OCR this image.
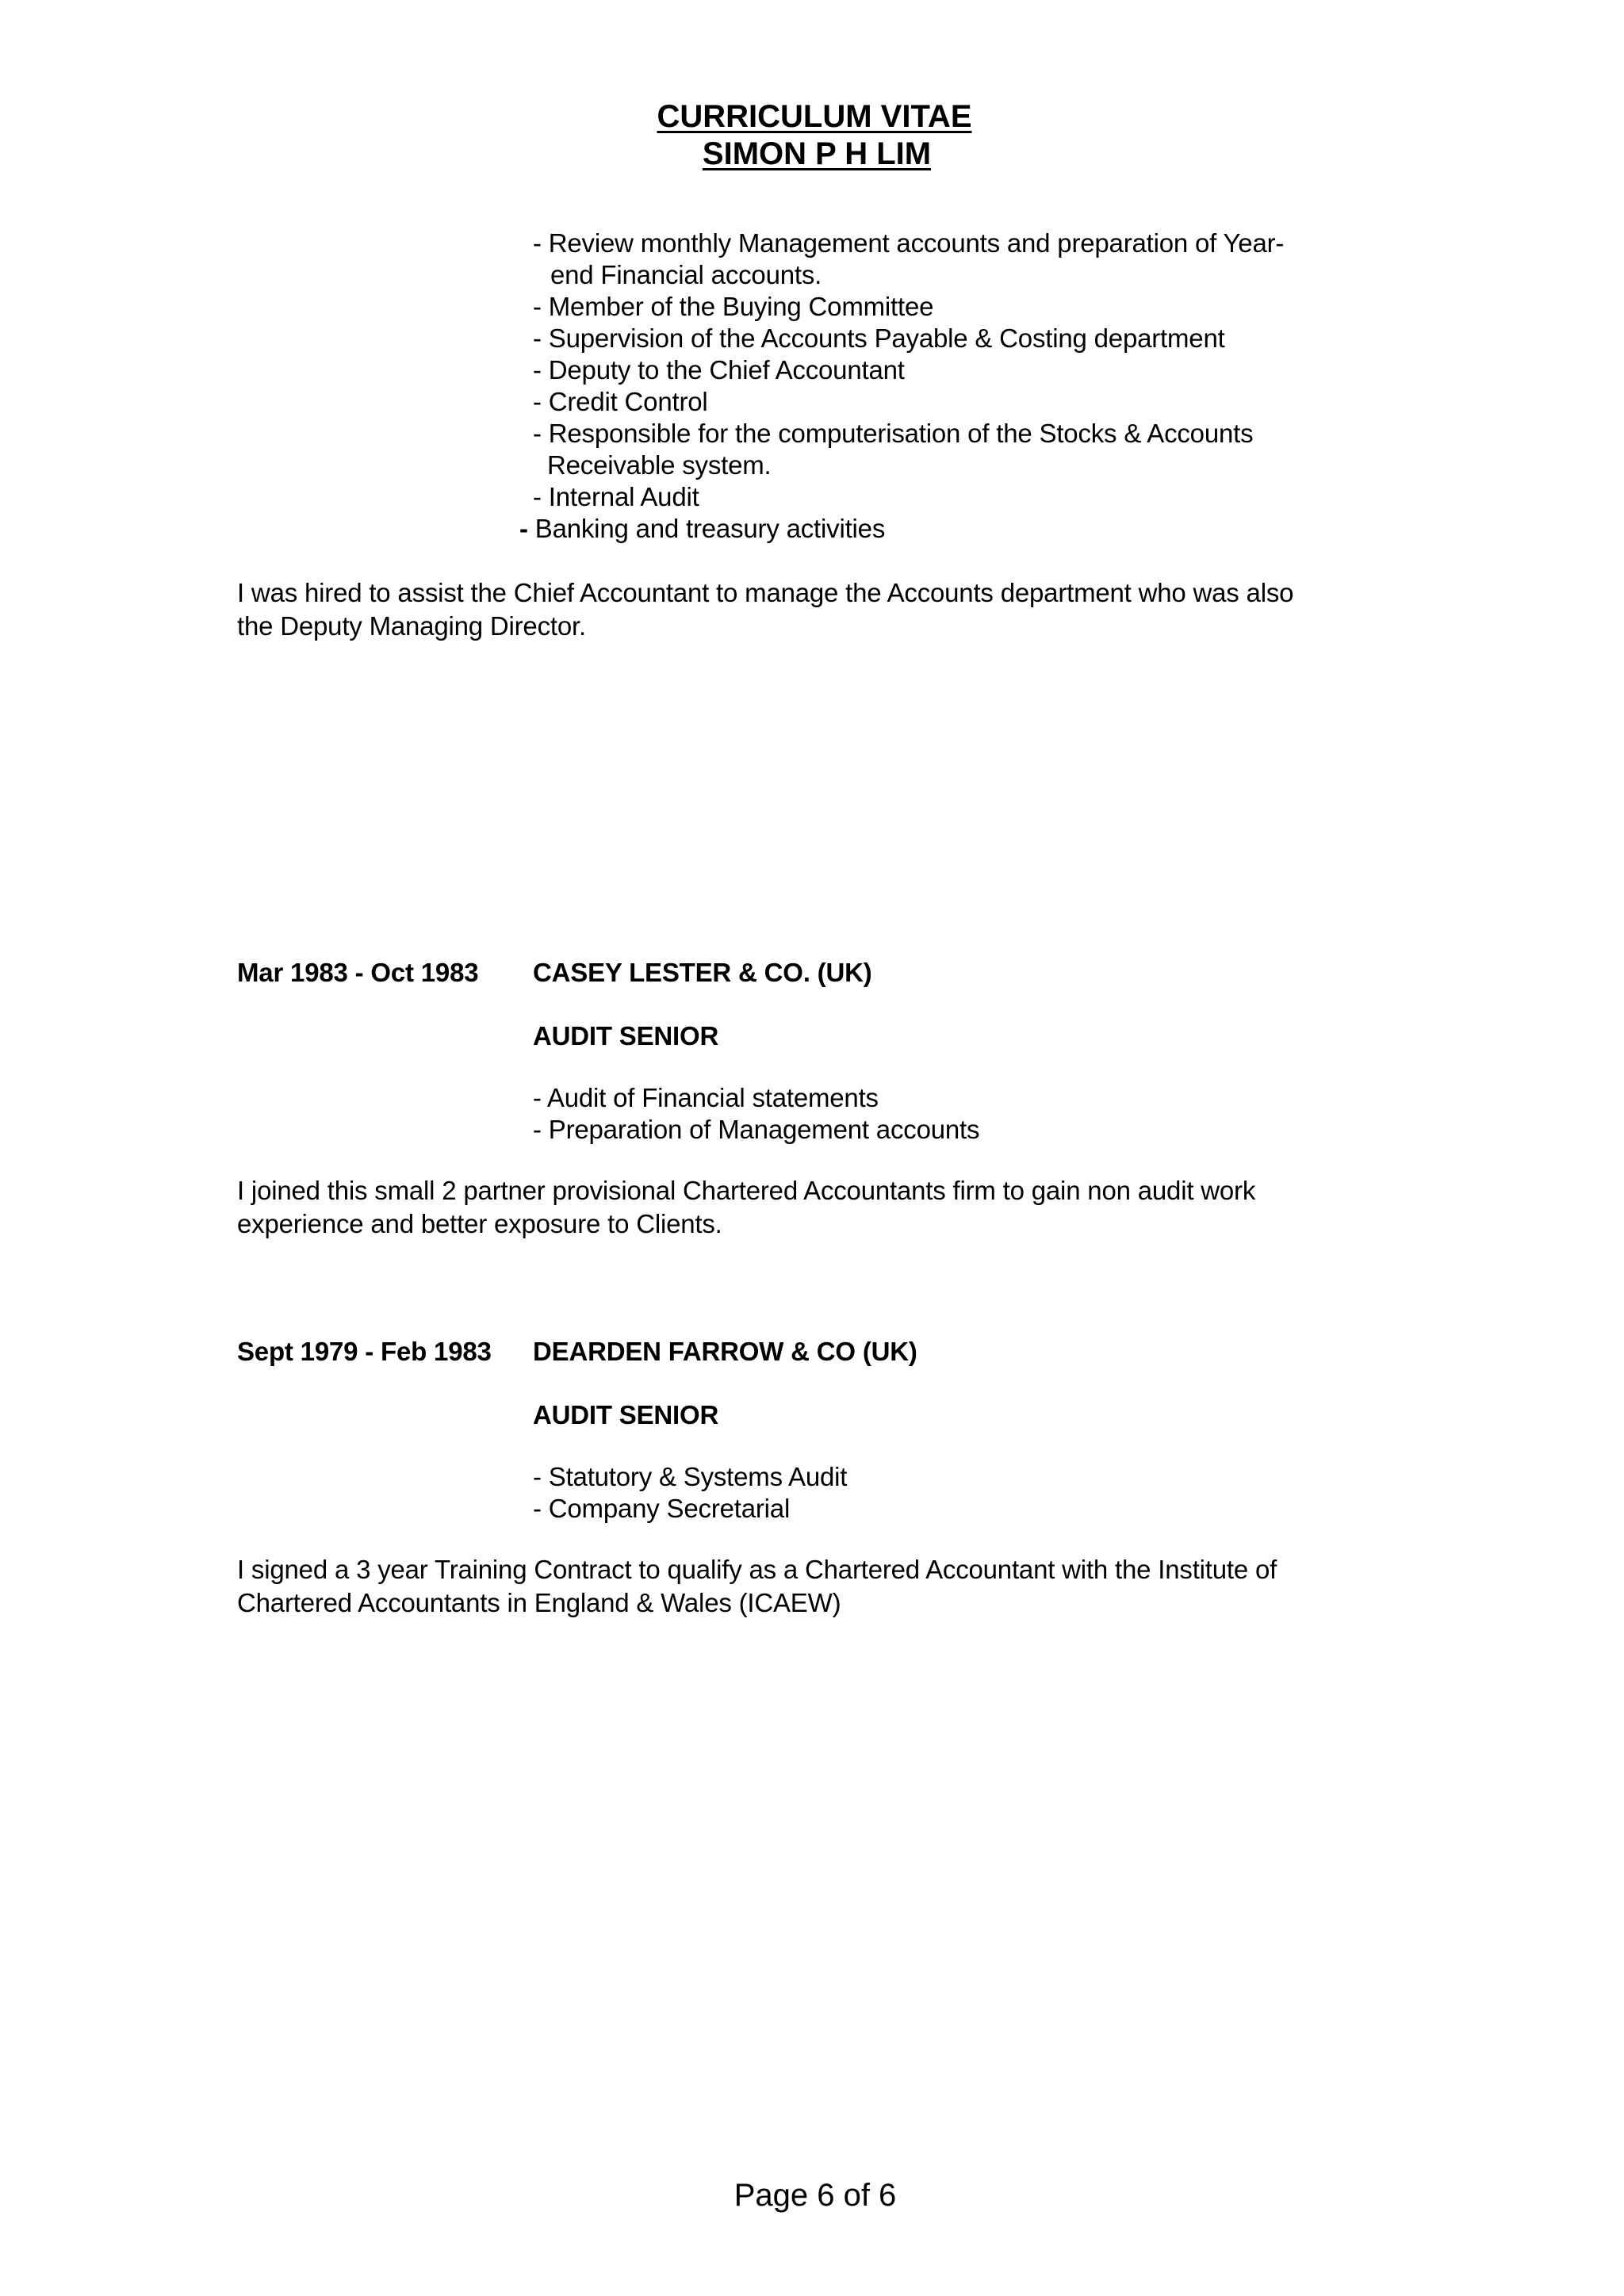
CURRICULUM VITAE
SIMON P H LIM
- Review monthly Management accounts and preparation of Year-
end Financial accounts.
- Member of the Buying Committee
- Supervision of the Accounts Payable & Costing department
- Deputy to the Chief Accountant
- Credit Control
- Responsible for the computerisation of the Stocks & Accounts
Receivable system.
- Internal Audit
- Banking and treasury activities
I was hired to assist the Chief Accountant to manage the Accounts department who was also
the Deputy Managing Director.
Mar 1983 - Oct 1983 CASEY LESTER & CO. (UK)
AUDIT SENIOR
- Audit of Financial statements
- Preparation of Management accounts
I joined this small 2 partner provisional Chartered Accountants firm to gain non audit work
experience and better exposure to Clients.
Sept 1979 - Feb 1983 DEARDEN FARROW & CO (UK)
AUDIT SENIOR
- Statutory & Systems Audit
- Company Secretarial
I signed a 3 year Training Contract to qualify as a Chartered Accountant with the Institute of
Chartered Accountants in England & Wales (ICAEW)
Page 6 of 6
